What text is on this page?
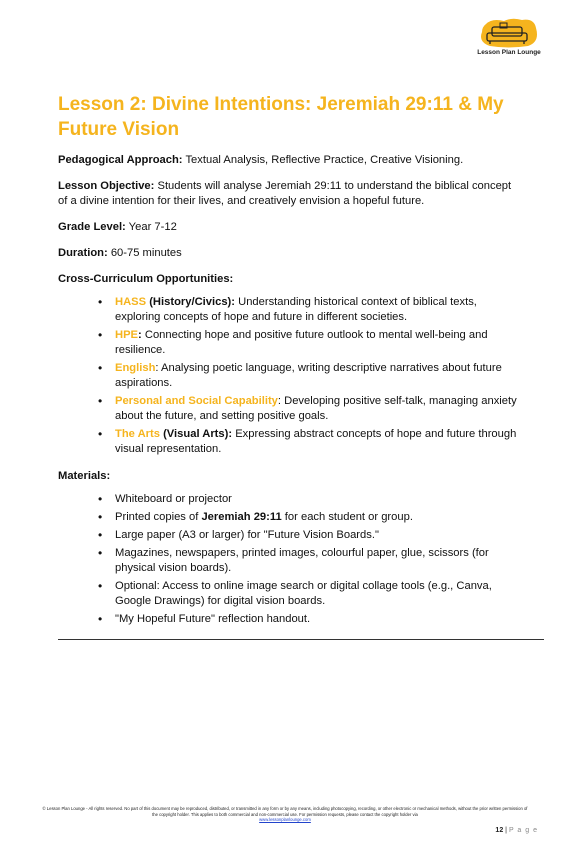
Lesson Plan Lounge
Lesson 2: Divine Intentions: Jeremiah 29:11 & My Future Vision

Pedagogical Approach: Textual Analysis, Reflective Practice, Creative Visioning.

Lesson Objective: Students will analyse Jeremiah 29:11 to understand the biblical concept of a divine intention for their lives, and creatively envision a hopeful future.

Grade Level: Year 7-12

Duration: 60-75 minutes

Cross-Curriculum Opportunities:

• HASS (History/Civics): Understanding historical context of biblical texts, exploring concepts of hope and future in different societies.
• HPE: Connecting hope and positive future outlook to mental well-being and resilience.
• English: Analysing poetic language, writing descriptive narratives about future aspirations.
• Personal and Social Capability: Developing positive self-talk, managing anxiety about the future, and setting positive goals.
• The Arts (Visual Arts): Expressing abstract concepts of hope and future through visual representation.

Materials:

• Whiteboard or projector
• Printed copies of Jeremiah 29:11 for each student or group.
• Large paper (A3 or larger) for "Future Vision Boards."
• Magazines, newspapers, printed images, colourful paper, glue, scissors (for physical vision boards).
• Optional: Access to online image search or digital collage tools (e.g., Canva, Google Drawings) for digital vision boards.
• "My Hopeful Future" reflection handout.
© Lesson Plan Lounge - All rights reserved. No part of this document may be reproduced, distributed, or transmitted in any form or by any means, including photocopying, recording, or other electronic or mechanical methods, without the prior written permission of the copyright holder. This applies to both commercial and non-commercial use. For permission requests, please contact the copyright holder via
www.lessonplanlounge.com
12 | P a g e
